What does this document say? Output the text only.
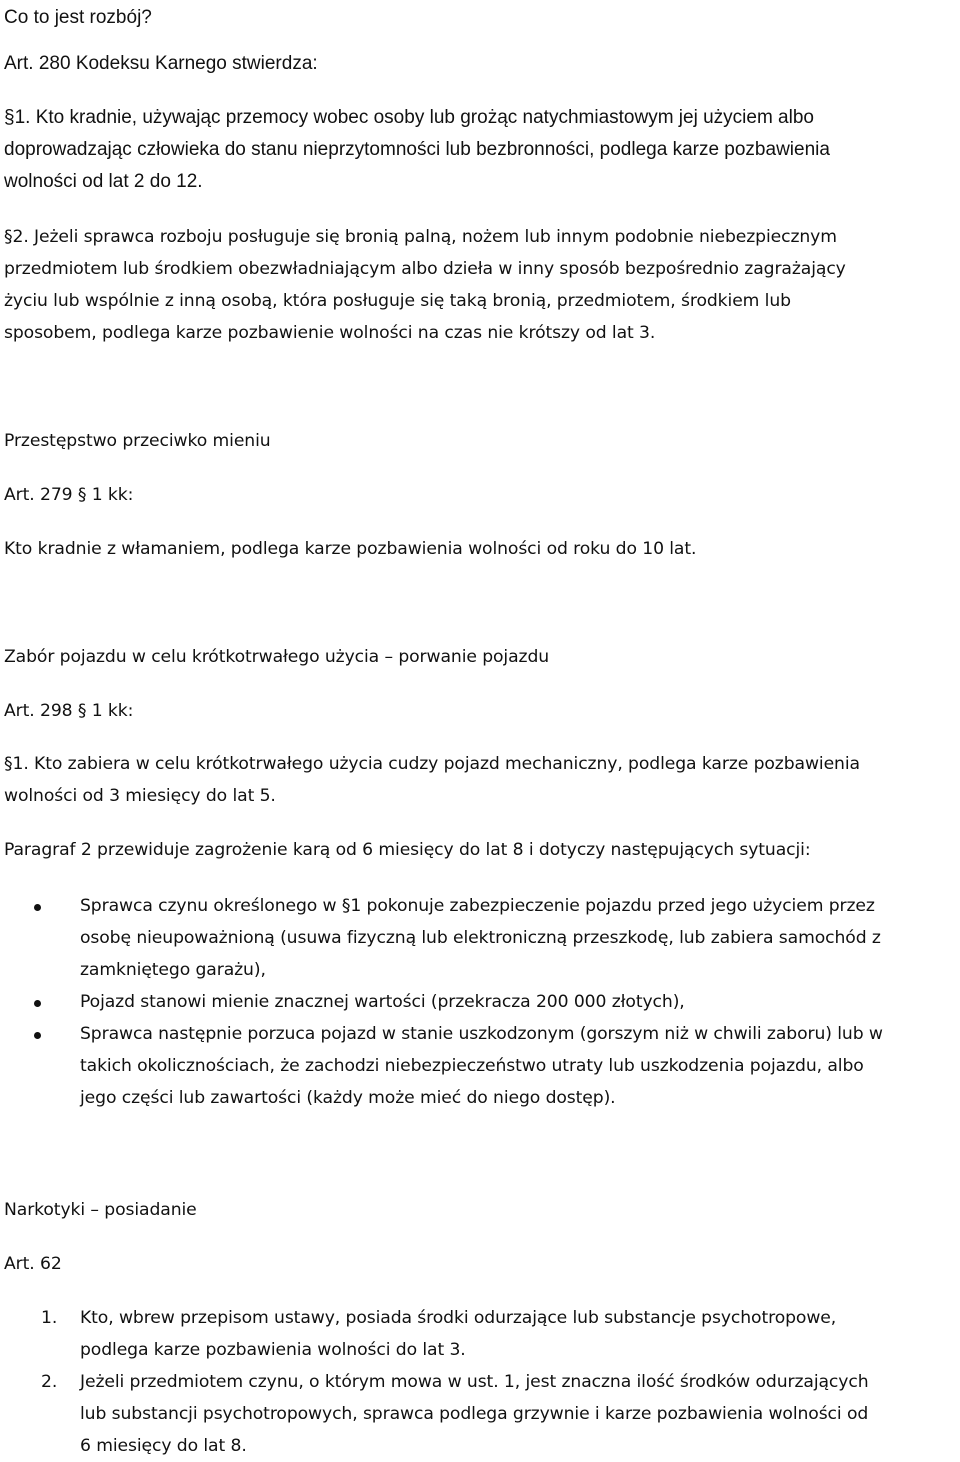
Co to jest rozbój?

Art. 280 Kodeksu Karnego stwierdza:

§1. Kto kradnie, używając przemocy wobec osoby lub grożąc natychmiastowym jej użyciem albo
doprowadzając człowieka do stanu nieprzytomności lub bezbronności, podlega karze pozbawienia
wolności od lat 2 do 12.
§2. Jeżeli sprawca rozboju posługuje się bronią palną, nożem lub innym podobnie niebezpiecznym
przedmiotem lub środkiem obezwładniającym albo dzieła w inny sposób bezpośrednio zagrażający
życiu lub wspólnie z inną osobą, która posługuje się taką bronią, przedmiotem, środkiem lub
sposobem, podlega karze pozbawienie wolności na czas nie krótszy od lat 3.

Przestępstwo przeciwko mieniu

Art. 279 § 1 kk:

Kto kradnie z włamaniem, podlega karze pozbawienia wolności od roku do 10 lat.

Zabór pojazdu w celu krótkotrwałego użycia – porwanie pojazdu

Art. 298 § 1 kk:

§1. Kto zabiera w celu krótkotrwałego użycia cudzy pojazd mechaniczny, podlega karze pozbawienia
wolności od 3 miesięcy do lat 5.

Paragraf 2 przewiduje zagrożenie karą od 6 miesięcy do lat 8 i dotyczy następujących sytuacji:

Sprawca czynu określonego w §1 pokonuje zabezpieczenie pojazdu przed jego użyciem przez
osobę nieupoważnioną (usuwa fizyczną lub elektroniczną przeszkodę, lub zabiera samochód z
zamkniętego garażu),
Pojazd stanowi mienie znacznej wartości (przekracza 200 000 złotych),
Sprawca następnie porzuca pojazd w stanie uszkodzonym (gorszym niż w chwili zaboru) lub w
takich okolicznościach, że zachodzi niebezpieczeństwo utraty lub uszkodzenia pojazdu, albo
jego części lub zawartości (każdy może mieć do niego dostęp).

Narkotyki – posiadanie

Art. 62

1. Kto, wbrew przepisom ustawy, posiada środki odurzające lub substancje psychotropowe,
podlega karze pozbawienia wolności do lat 3.
2. Jeżeli przedmiotem czynu, o którym mowa w ust. 1, jest znaczna ilość środków odurzających
lub substancji psychotropowych, sprawca podlega grzywnie i karze pozbawienia wolności od
6 miesięcy do lat 8.
